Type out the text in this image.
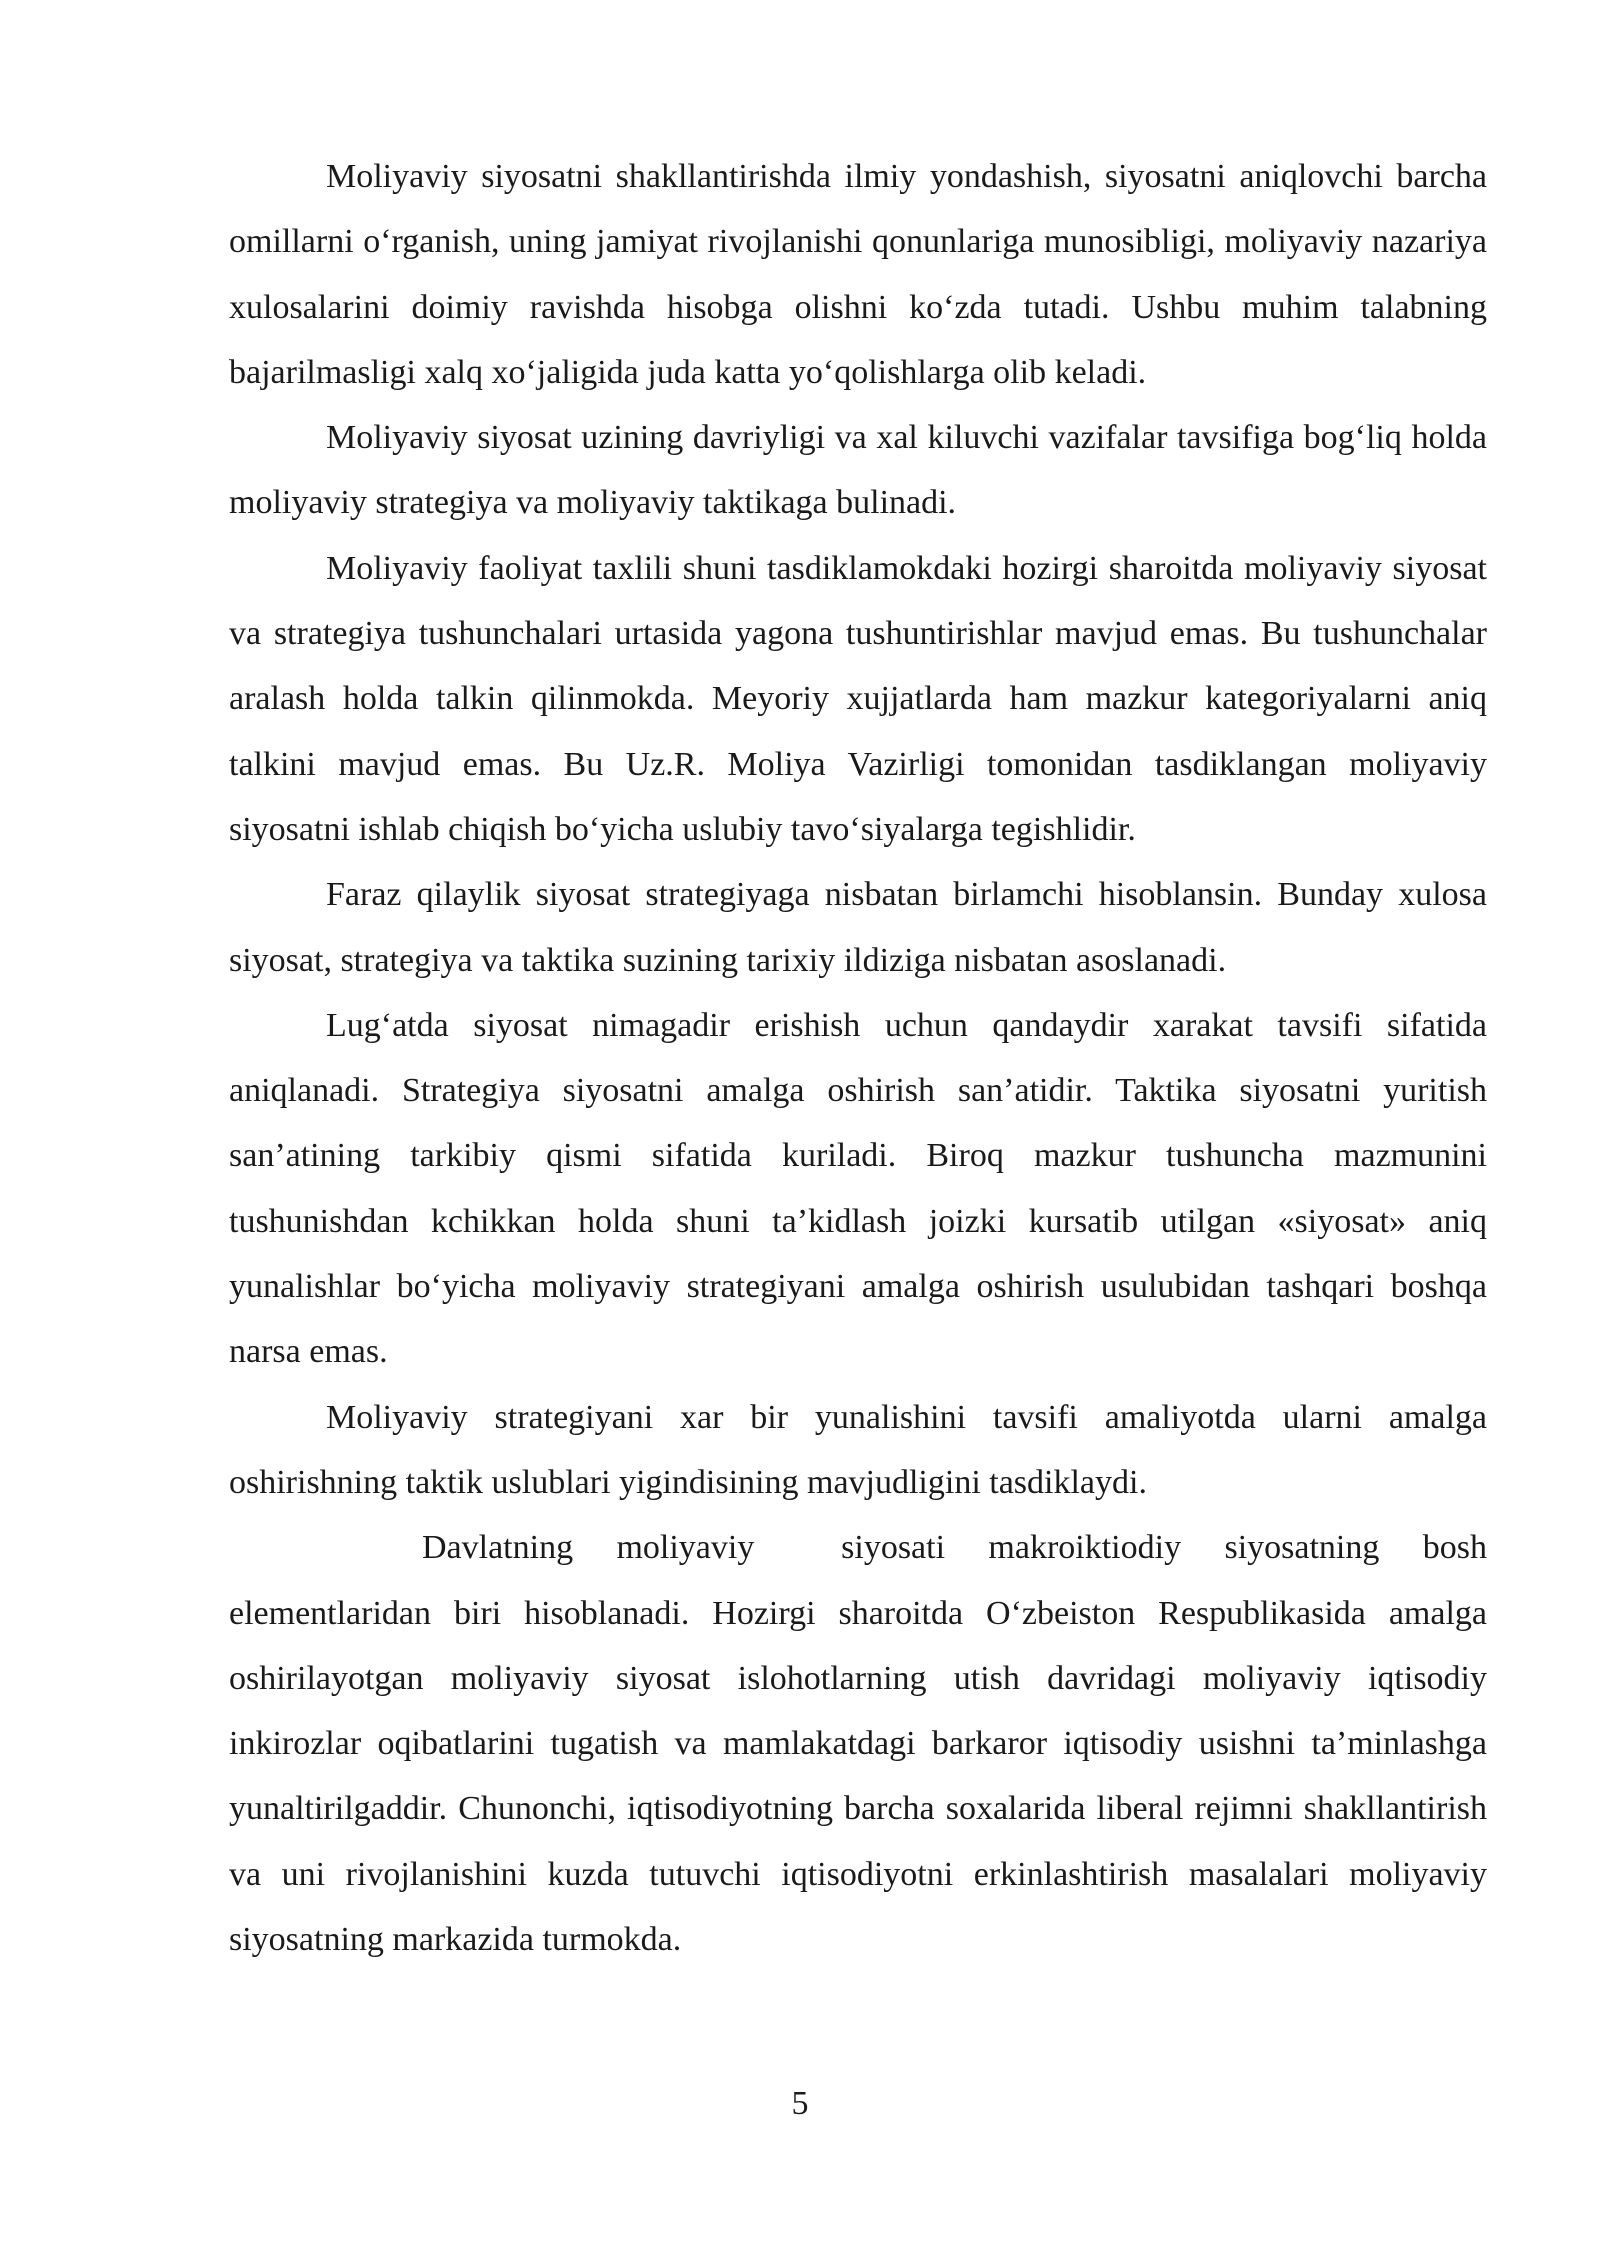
Moliyaviy siyosatni shakllantirishda ilmiy yondashish, siyosatni aniqlovchi barcha omillarni o‘rganish, uning jamiyat rivojlanishi qonunlariga munosibligi, moliyaviy nazariya xulosalarini doimiy ravishda hisobga olishni ko‘zda tutadi. Ushbu muhim talabning bajarilmasligi xalq xo‘jaligida juda katta yo‘qolishlarga olib keladi.

Moliyaviy siyosat uzining davriyligi va xal kiluvchi vazifalar tavsifiga bog‘liq holda moliyaviy strategiya va moliyaviy taktikaga bulinadi.

Moliyaviy faoliyat taxlili shuni tasdiklamokdaki hozirgi sharoitda moliyaviy siyosat va strategiya tushunchalari urtasida yagona tushuntirishlar mavjud emas. Bu tushunchalar aralash holda talkin qilinmokda. Meyoriy xujjatlarda ham mazkur kategoriyalarni aniq talkini mavjud emas. Bu Uz.R. Moliya Vazirligi tomonidan tasdiklangan moliyaviy siyosatni ishlab chiqish bo‘yicha uslubiy tavo‘siyalarga tegishlidir.

Faraz qilaylik siyosat strategiyaga nisbatan birlamchi hisoblansin. Bunday xulosa siyosat, strategiya va taktika suzining tarixiy ildiziga nisbatan asoslanadi.

Lug‘atda siyosat nimagadir erishish uchun qandaydir xarakat tavsifi sifatida aniqlanadi. Strategiya siyosatni amalga oshirish san’atidir. Taktika siyosatni yuritish san’atining tarkibiy qismi sifatida kuriladi. Biroq mazkur tushuncha mazmunini tushunishdan kchikkan holda shuni ta’kidlash joizki kursatib utilgan «siyosat» aniq yunalishlar bo‘yicha moliyaviy strategiyani amalga oshirish usulubidan tashqari boshqa narsa emas.

Moliyaviy strategiyani xar bir yunalishini tavsifi amaliyotda ularni amalga oshirishning taktik uslublari yigindisining mavjudligini tasdiklaydi.

Davlatning moliyaviy  siyosati makroiktiodiy siyosatning bosh elementlaridan biri hisoblanadi. Hozirgi sharoitda O‘zbeiston Respublikasida amalga oshirilayotgan moliyaviy siyosat islohotlarning utish davridagi moliyaviy iqtisodiy inkirozlar oqibatlarini tugatish va mamlakatdagi barkaror iqtisodiy usishni ta’minlashga yunaltirilgaddir. Chunonchi, iqtisodiyotning barcha soxalarida liberal rejimni shakllantirish va uni rivojlanishini kuzda tutuvchi iqtisodiyotni erkinlashtirish masalalari moliyaviy siyosatning markazida turmokda.

5
